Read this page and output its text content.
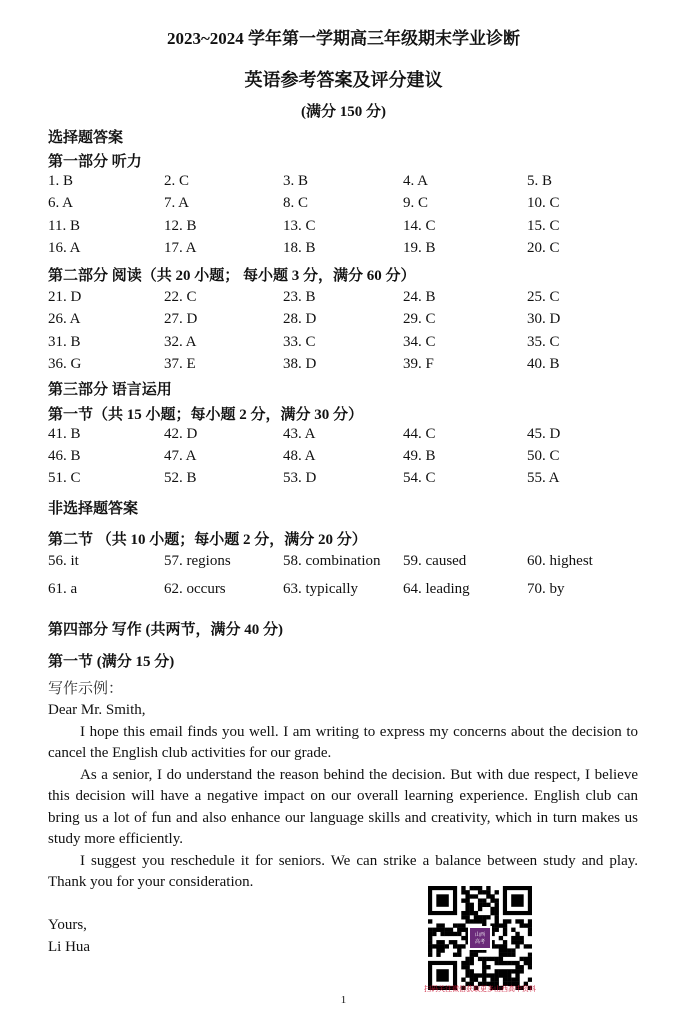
2023~2024 学年第一学期高三年级期末学业诊断
英语参考答案及评分建议
(满分 150 分)
选择题答案
第一部分 听力
1. B	2. C	3. B	4. A	5. B
6. A	7. A	8. C	9. C	10. C
11. B	12. B	13. C	14. C	15. C
16. A	17. A	18. B	19. B	20. C
第二部分 阅读（共 20 小题； 每小题 3 分，满分 60 分）
21. D	22. C	23. B	24. B	25. C
26. A	27. D	28. D	29. C	30. D
31. B	32. A	33. C	34. C	35. C
36. G	37. E	38. D	39. F	40. B
第三部分 语言运用
第一节（共 15 小题；每小题 2 分，满分 30 分）
41. B	42. D	43. A	44. C	45. D
46. B	47. A	48. A	49. B	50. C
51. C	52. B	53. D	54. C	55. A
非选择题答案
第二节 （共 10 小题；每小题 2 分，满分 20 分）
56. it	57. regions	58. combination 59. caused	60. highest
61. a	62. occurs	63. typically	64. leading	70. by
第四部分 写作 (共两节，满分 40 分)
第一节 (满分 15 分)
写作示例：

Dear Mr. Smith,

I hope this email finds you well. I am writing to express my concerns about the decision to cancel the English club activities for our grade.

As a senior, I do understand the reason behind the decision. But with due respect, I believe this decision will have a negative impact on our overall learning experience. English club can bring us a lot of fun and also enhance our language skills and creativity, which in turn makes us study more efficiently.

I suggest you reschedule it for seniors. We can strike a balance between study and play. Thank you for your consideration.

Yours,

Li Hua

山西
高考
扫码关注微信获取更多山西高中资料
1
